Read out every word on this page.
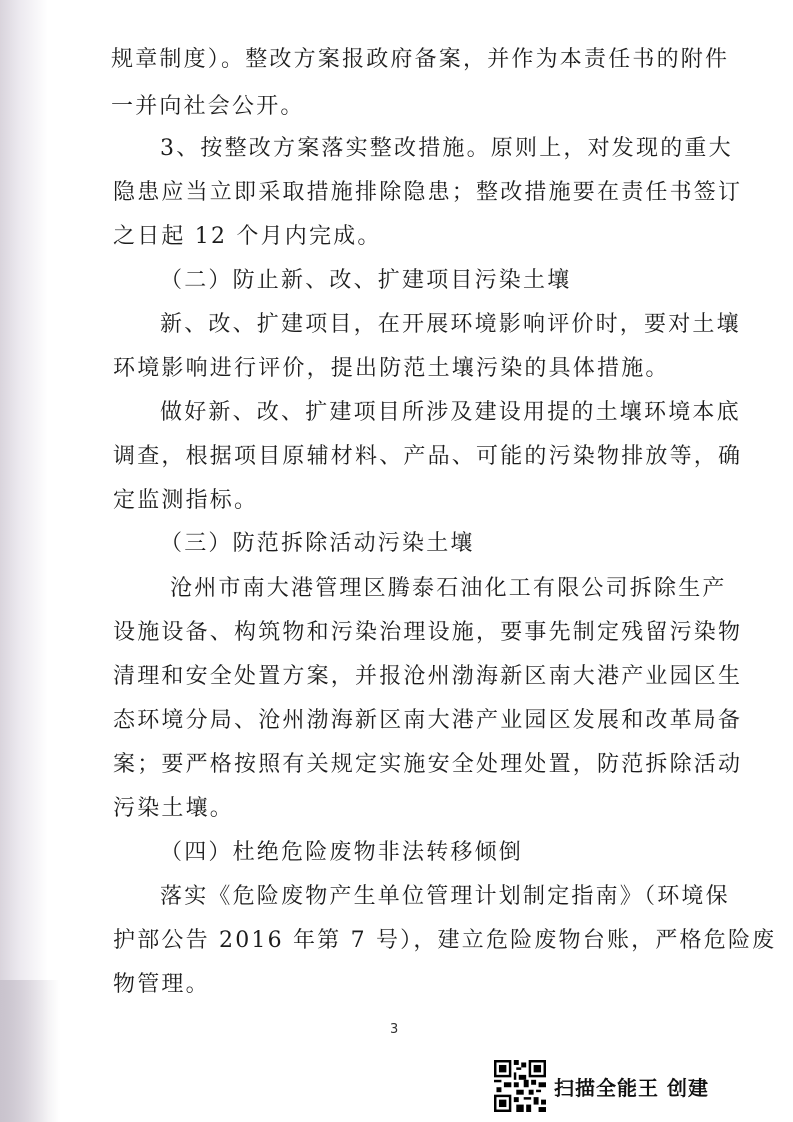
规章制度）。整改方案报政府备案，并作为本责任书的附件
一并向社会公开。
3、按整改方案落实整改措施。原则上，对发现的重大
隐患应当立即采取措施排除隐患；整改措施要在责任书签订
之日起 12 个月内完成。
（二）防止新、改、扩建项目污染土壤
新、改、扩建项目，在开展环境影响评价时，要对土壤
环境影响进行评价，提出防范土壤污染的具体措施。
做好新、改、扩建项目所涉及建设用提的土壤环境本底
调查，根据项目原辅材料、产品、可能的污染物排放等，确
定监测指标。
（三）防范拆除活动污染土壤
沧州市南大港管理区腾泰石油化工有限公司拆除生产
设施设备、构筑物和污染治理设施，要事先制定残留污染物
清理和安全处置方案，并报沧州渤海新区南大港产业园区生
态环境分局、沧州渤海新区南大港产业园区发展和改革局备
案；要严格按照有关规定实施安全处理处置，防范拆除活动
污染土壤。
（四）杜绝危险废物非法转移倾倒
落实《危险废物产生单位管理计划制定指南》（环境保
护部公告 2016 年第 7 号），建立危险废物台账，严格危险废
物管理。
3
扫描全能王 创建
